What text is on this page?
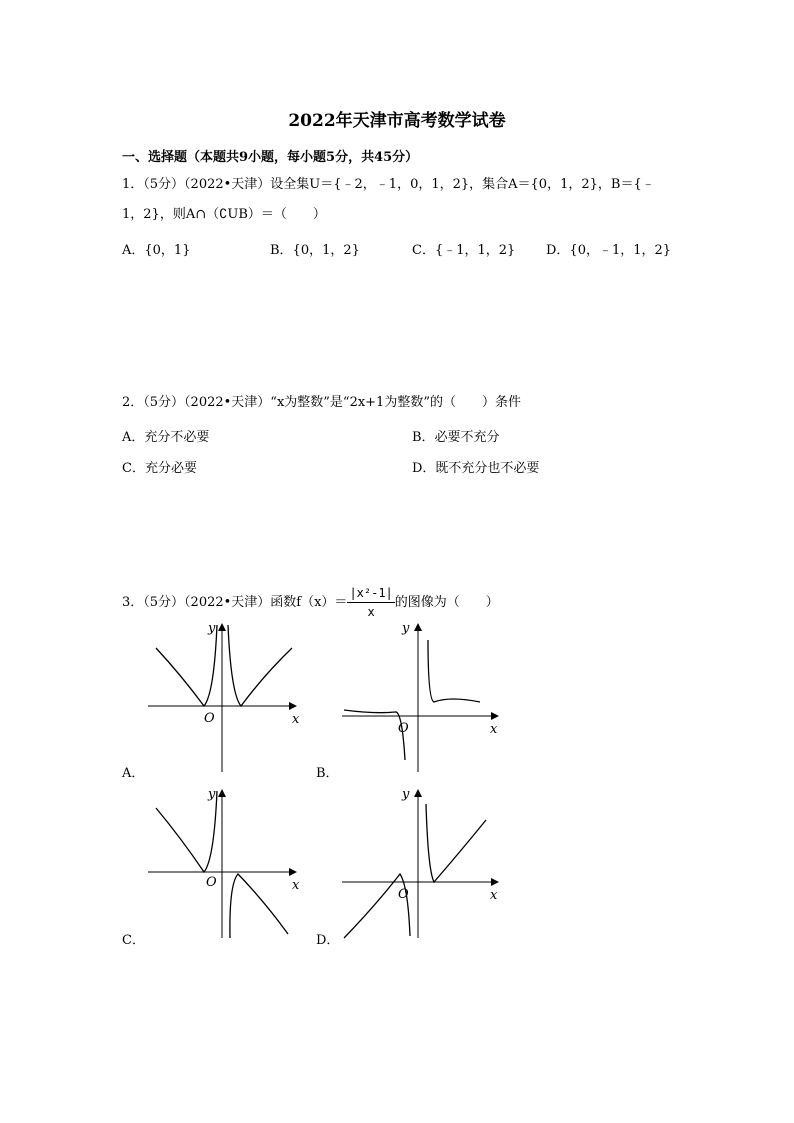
2022年天津市高考数学试卷
一、选择题（本题共9小题，每小题5分，共45分）
1．（5分）（2022•天津）设全集U＝{﹣2，﹣1，0，1，2}，集合A＝{0，1，2}，B＝{﹣
1，2}，则A∩（∁UB）＝（　　）
A．{0，1}	B．{0，1，2}	C．{﹣1，1，2} D．{0，﹣1，1，2}
2．（5分）（2022•天津）“x为整数”是“2x+1为整数”的（　　）条件
A．充分不必要	B．必要不充分
C．充分必要	D．既不充分也不必要
3．（5分）（2022•天津）函数$f(x)= \frac{\text{|x²-1|}}{x}$ 的图像为（　　）
O	x
y
A．
O	x
y
B．
O	x
y
C．
O	x
y
D．
